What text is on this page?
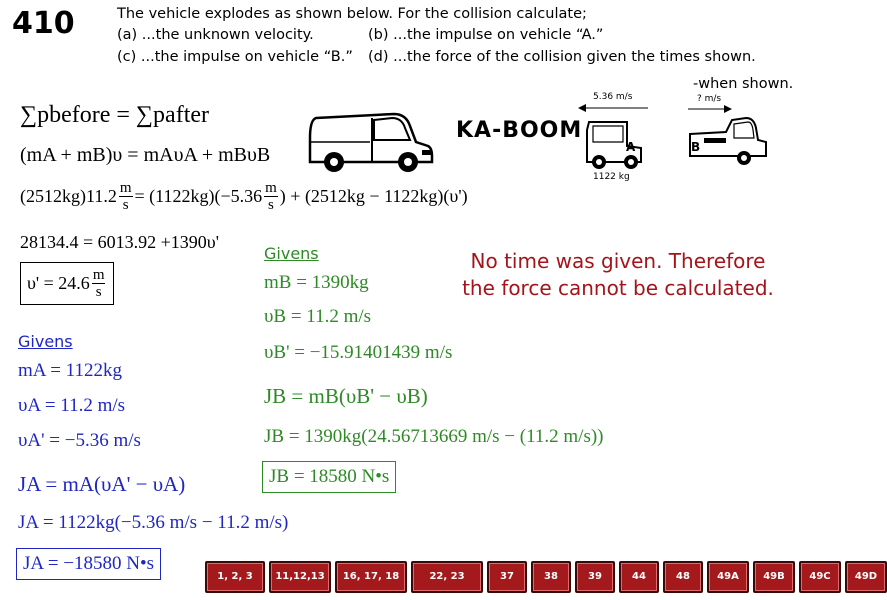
410	The vehicle explodes as shown below. For the collision calculate;
(a) ...the unknown velocity.	(b) ...the impulse on vehicle “A.”
(c) ...the impulse on vehicle “B.” (d) ...the force of the collision given the times shown.
-when shown.
KA-BOOM
5.36 m/s
A
1122 kg
? m/s
B
∑pbefore = ∑pafter
(mA + mB)υ = mAυA + mBυB
$(2512kg)11.2 \frac{m}{s} = (1122kg)(-5.36 \frac{m}{s}$ ) + (2512kg − 1122kg)(υ')
28134.4 = 6013.92 +1390υ'
$\upsilon' = 24.6 \frac{m}{s}$
Givens
mA = 1122kg
υA = 11.2 m/s
υA' = −5.36 m/s
JA = mA(υA' − υA)
JA = 1122kg(−5.36 m/s − 11.2 m/s)
JA = −18580 N•s
Givens
mB = 1390kg
υB = 11.2 m/s
υB' = −15.91401439 m/s
JB = mB(υB' − υB)
JB = 1390kg(24.56713669 m/s − (11.2 m/s))
JB = 18580 N•s
No time was given. Therefore
the force cannot be calculated.
1, 2, 3	11,12,13	16, 17, 18	22, 23	37	38	39	44	48	49A	49B	49C	49D
